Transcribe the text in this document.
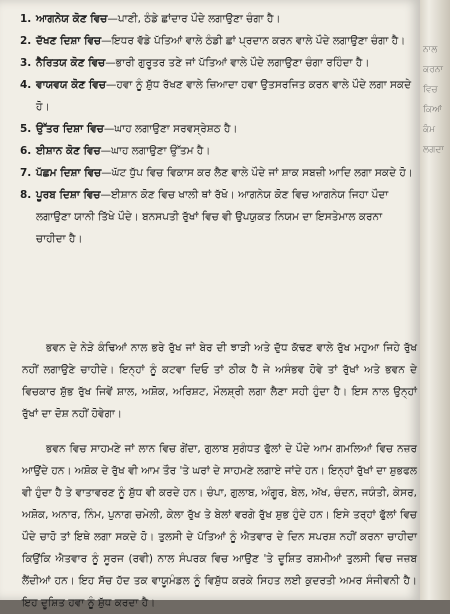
1. ਆਗਨੇਯ ਕੋਣ ਵਿਚ—ਪਾਣੀ, ਠੰਡੇ ਛਾਂਦਾਰ ਪੌਦੇ ਲਗਾਉਣਾ ਚੰਗਾ ਹੈ।
2. ਦੱਖਣ ਦਿਸ਼ਾ ਵਿਚ—ਇਧਰ ਵੱਡੇ ਪੱਤਿਆਂ ਵਾਲੇ ਠੰਡੀ ਛਾਂ ਪ੍ਰਦਾਨ ਕਰਨ ਵਾਲੇ ਪੌਦੇ ਲਗਾਉਣਾ ਚੰਗਾ ਹੈ।
3. ਨੈਰਿਤਯ ਕੋਣ ਵਿਚ—ਭਾਰੀ ਗੁਰੂਤਰ ਤਣੇ ਜਾਂ ਪੱਤਿਆਂ ਵਾਲੇ ਪੌਦੇ ਲਗਾਉਣਾ ਚੰਗਾ ਰਹਿੰਦਾ ਹੈ।
4. ਵਾਯਵਯ ਕੋਣ ਵਿਚ—ਹਵਾ ਨੂੰ ਸ਼ੁੱਧ ਰੱਖਣ ਵਾਲੇ ਜ਼ਿਆਦਾ ਹਵਾ ਉਤਸਰਜਿਤ ਕਰਨ ਵਾਲੇ ਪੌਦੇ ਲਗਾ ਸਕਦੇ ਹੋ।
5. ਉੱਤਰ ਦਿਸ਼ਾ ਵਿਚ—ਘਾਹ ਲਗਾਉਣਾ ਸਰਵਸ੍ਰੇਸ਼ਠ ਹੈ।
6. ਈਸ਼ਾਨ ਕੋਣ ਵਿਚ—ਘਾਹ ਲਗਾਉਣਾ ਉੱਤਮ ਹੈ।
7. ਪੱਛਮ ਦਿਸ਼ਾ ਵਿਚ—ਘੱਟ ਧੁੱਪ ਵਿਚ ਵਿਕਾਸ ਕਰ ਲੈਣ ਵਾਲੇ ਪੌਦੇ ਜਾਂ ਸ਼ਾਕ ਸਬਜ਼ੀ ਆਦਿ ਲਗਾ ਸਕਦੇ ਹੋ।
8. ਪੂਰਬ ਦਿਸ਼ਾ ਵਿਚ—ਈਸ਼ਾਨ ਕੋਣ ਵਿਚ ਖਾਲੀ ਥਾਂ ਰੱਖੋ। ਆਗਨੇਯ ਕੋਣ ਵਿਚ ਆਗਨੇਯ ਜਿਹਾ ਪੌਦਾ ਲਗਾਉਣਾ ਯਾਨੀ ਤਿੱਖੇ ਪੌਦੇ। ਬਨਸਪਤੀ ਰੁੱਖਾਂ ਵਿਚ ਵੀ ਉਪਯੁਕਤ ਨਿਯਮ ਦਾ ਇਸਤੇਮਾਲ ਕਰਨਾ ਚਾਹੀਦਾ ਹੈ।

ਭਵਨ ਦੇ ਨੇੜੇ ਕੰਢਿਆਂ ਨਾਲ ਭਰੇ ਰੁੱਖ ਜਾਂ ਬੇਰ ਦੀ ਝਾੜੀ ਅਤੇ ਦੁੱਧ ਕੱਢਣ ਵਾਲੇ ਰੁੱਖ ਮਹੁਆ ਜਿਹੇ ਰੁੱਖ ਨਹੀਂ ਲਗਾਉਣੇ ਚਾਹੀਦੇ। ਇਨ੍ਹਾਂ ਨੂੰ ਕਟਵਾ ਦਿਓ ਤਾਂ ਠੀਕ ਹੈ ਜੇ ਅਸੰਭਵ ਹੋਵੇ ਤਾਂ ਰੁੱਖਾਂ ਅਤੇ ਭਵਨ ਦੇ ਵਿਚਕਾਰ ਸ਼ੁੱਭ ਰੁੱਖ ਜਿਵੇਂ ਸ਼ਾਲ, ਅਸ਼ੋਕ, ਅਰਿਸ਼ਟ, ਮੌਲਸ਼੍ਰੀ ਲਗਾ ਲੈਣਾ ਸਹੀ ਹੁੰਦਾ ਹੈ। ਇਸ ਨਾਲ ਉਨ੍ਹਾਂ ਰੁੱਖਾਂ ਦਾ ਦੋਸ਼ ਨਹੀਂ ਹੋਵੇਗਾ।

ਭਵਨ ਵਿਚ ਸਾਹਮਣੇ ਜਾਂ ਲਾਨ ਵਿਚ ਗੇਂਦਾ, ਗੁਲਾਬ ਸੁਗੰਧਤ ਫੁੱਲਾਂ ਦੇ ਪੌਦੇ ਆਮ ਗਮਲਿਆਂ ਵਿਚ ਨਜ਼ਰ ਆਉਂਦੇ ਹਨ। ਅਸ਼ੋਕ ਦੇ ਰੁੱਖ ਵੀ ਆਮ ਤੌਰ 'ਤੇ ਘਰਾਂ ਦੇ ਸਾਹਮਣੇ ਲਗਾਏ ਜਾਂਦੇ ਹਨ। ਇਨ੍ਹਾਂ ਰੁੱਖਾਂ ਦਾ ਸ਼ੁਭਫਲ ਵੀ ਹੁੰਦਾ ਹੈ ਤੇ ਵਾਤਾਵਰਣ ਨੂੰ ਸ਼ੁੱਧ ਵੀ ਕਰਦੇ ਹਨ। ਚੰਪਾ, ਗੁਲਾਬ, ਅੰਗੂਰ, ਬੇਲ, ਅੱਖ, ਚੰਦਨ, ਜਯੰਤੀ, ਕੇਸਰ, ਅਸ਼ੋਕ, ਅਨਾਰ, ਨਿੰਮ, ਪੁਨਾਗ ਚਮੇਲੀ, ਕੇਲਾ ਰੁੱਖ ਤੇ ਬੇਲਾਂ ਵਰਗੇ ਰੁੱਖ ਸ਼ੁਭ ਹੁੰਦੇ ਹਨ। ਇਸੇ ਤਰ੍ਹਾਂ ਫੁੱਲਾਂ ਵਿਚ ਪੌਦੇ ਚਾਹੋ ਤਾਂ ਇਥੇ ਲਗਾ ਸਕਦੇ ਹੋ। ਤੁਲਸੀ ਦੇ ਪੱਤਿਆਂ ਨੂੰ ਐਤਵਾਰ ਦੇ ਦਿਨ ਸਪਰਸ਼ ਨਹੀਂ ਕਰਨਾ ਚਾਹੀਦਾ ਕਿਉਂਕਿ ਐਤਵਾਰ ਨੂੰ ਸੂਰਜ (ਰਵੀ) ਨਾਲ ਸੰਪਰਕ ਵਿਚ ਆਉਣ 'ਤੇ ਦੂਸ਼ਿਤ ਰਸ਼ਮੀਆਂ ਤੁਲਸੀ ਵਿਚ ਜਜ਼ਬ ਲੈਂਦੀਆਂ ਹਨ। ਇਹ ਸੱਚ ਹੱਦ ਤਕ ਵਾਯੂਮੰਡਲ ਨੂੰ ਵਿਸ਼ੁੱਧ ਕਰਕੇ ਸਿਹਤ ਲਈ ਕੁਦਰਤੀ ਅਮਰ ਸੰਜੀਵਨੀ ਹੈ। ਇਹ ਦੂਸ਼ਿਤ ਹਵਾ ਨੂੰ ਸ਼ੁੱਧ ਕਰਦਾ ਹੈ।

ਨਾਲ
ਕਰਨਾ
ਵਿਚ
ਕਿਆਂ
ਕੰਮ
ਲਗਦਾ
